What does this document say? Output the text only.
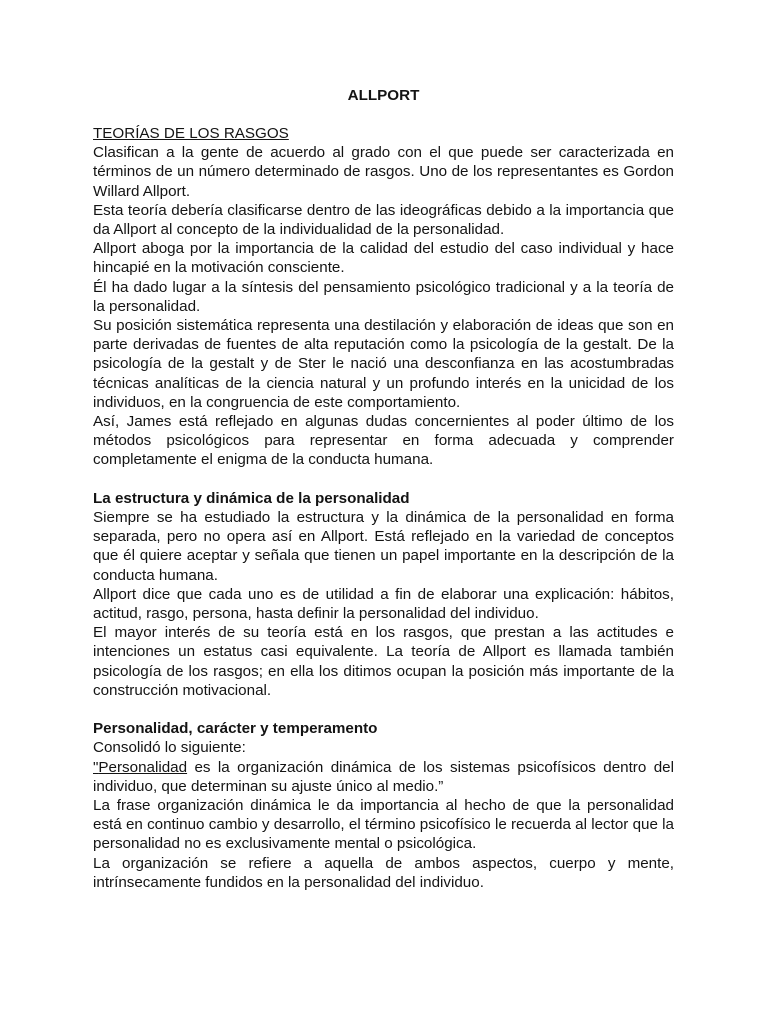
ALLPORT
TEORÍAS DE LOS RASGOS

Clasifican a la gente de acuerdo al grado con el que puede ser caracterizada en términos de un número determinado de rasgos. Uno de los representantes es Gordon Willard Allport.

Esta teoría debería clasificarse dentro de las ideográficas debido a la importancia que da Allport al concepto de la individualidad de la personalidad.

Allport aboga por la importancia de la calidad del estudio del caso individual y hace hincapié en la motivación consciente.

Él ha dado lugar a la síntesis del pensamiento psicológico tradicional y a la teoría de la personalidad.

Su posición sistemática representa una destilación y elaboración de ideas que son en parte derivadas de fuentes de alta reputación como la psicología de la gestalt. De la psicología de la gestalt y de Ster le nació una desconfianza en las acostumbradas técnicas analíticas de la ciencia natural y un profundo interés en la unicidad de los individuos, en la congruencia de este comportamiento.

Así, James está reflejado en algunas dudas concernientes al poder último de los métodos psicológicos para representar en forma adecuada y comprender completamente el enigma de la conducta humana.

La estructura y dinámica de la personalidad

Siempre se ha estudiado la estructura y la dinámica de la personalidad en forma separada, pero no opera así en Allport. Está reflejado en la variedad de conceptos que él quiere aceptar y señala que tienen un papel importante en la descripción de la conducta humana.

Allport dice que cada uno es de utilidad a fin de elaborar una explicación: hábitos, actitud, rasgo, persona, hasta definir la personalidad del individuo.

El mayor interés de su teoría está en los rasgos, que prestan a las actitudes e intenciones un estatus casi equivalente. La teoría de Allport es llamada también psicología de los rasgos; en ella los ditimos ocupan la posición más importante de la construcción motivacional.

Personalidad, carácter y temperamento

Consolidó lo siguiente:

"Personalidad es la organización dinámica de los sistemas psicofísicos dentro del individuo, que determinan su ajuste único al medio.”

La frase organización dinámica le da importancia al hecho de que la personalidad está en continuo cambio y desarrollo, el término psicofísico le recuerda al lector que la personalidad no es exclusivamente mental o psicológica.

La organización se refiere a aquella de ambos aspectos, cuerpo y mente, intrínsecamente fundidos en la personalidad del individuo.
